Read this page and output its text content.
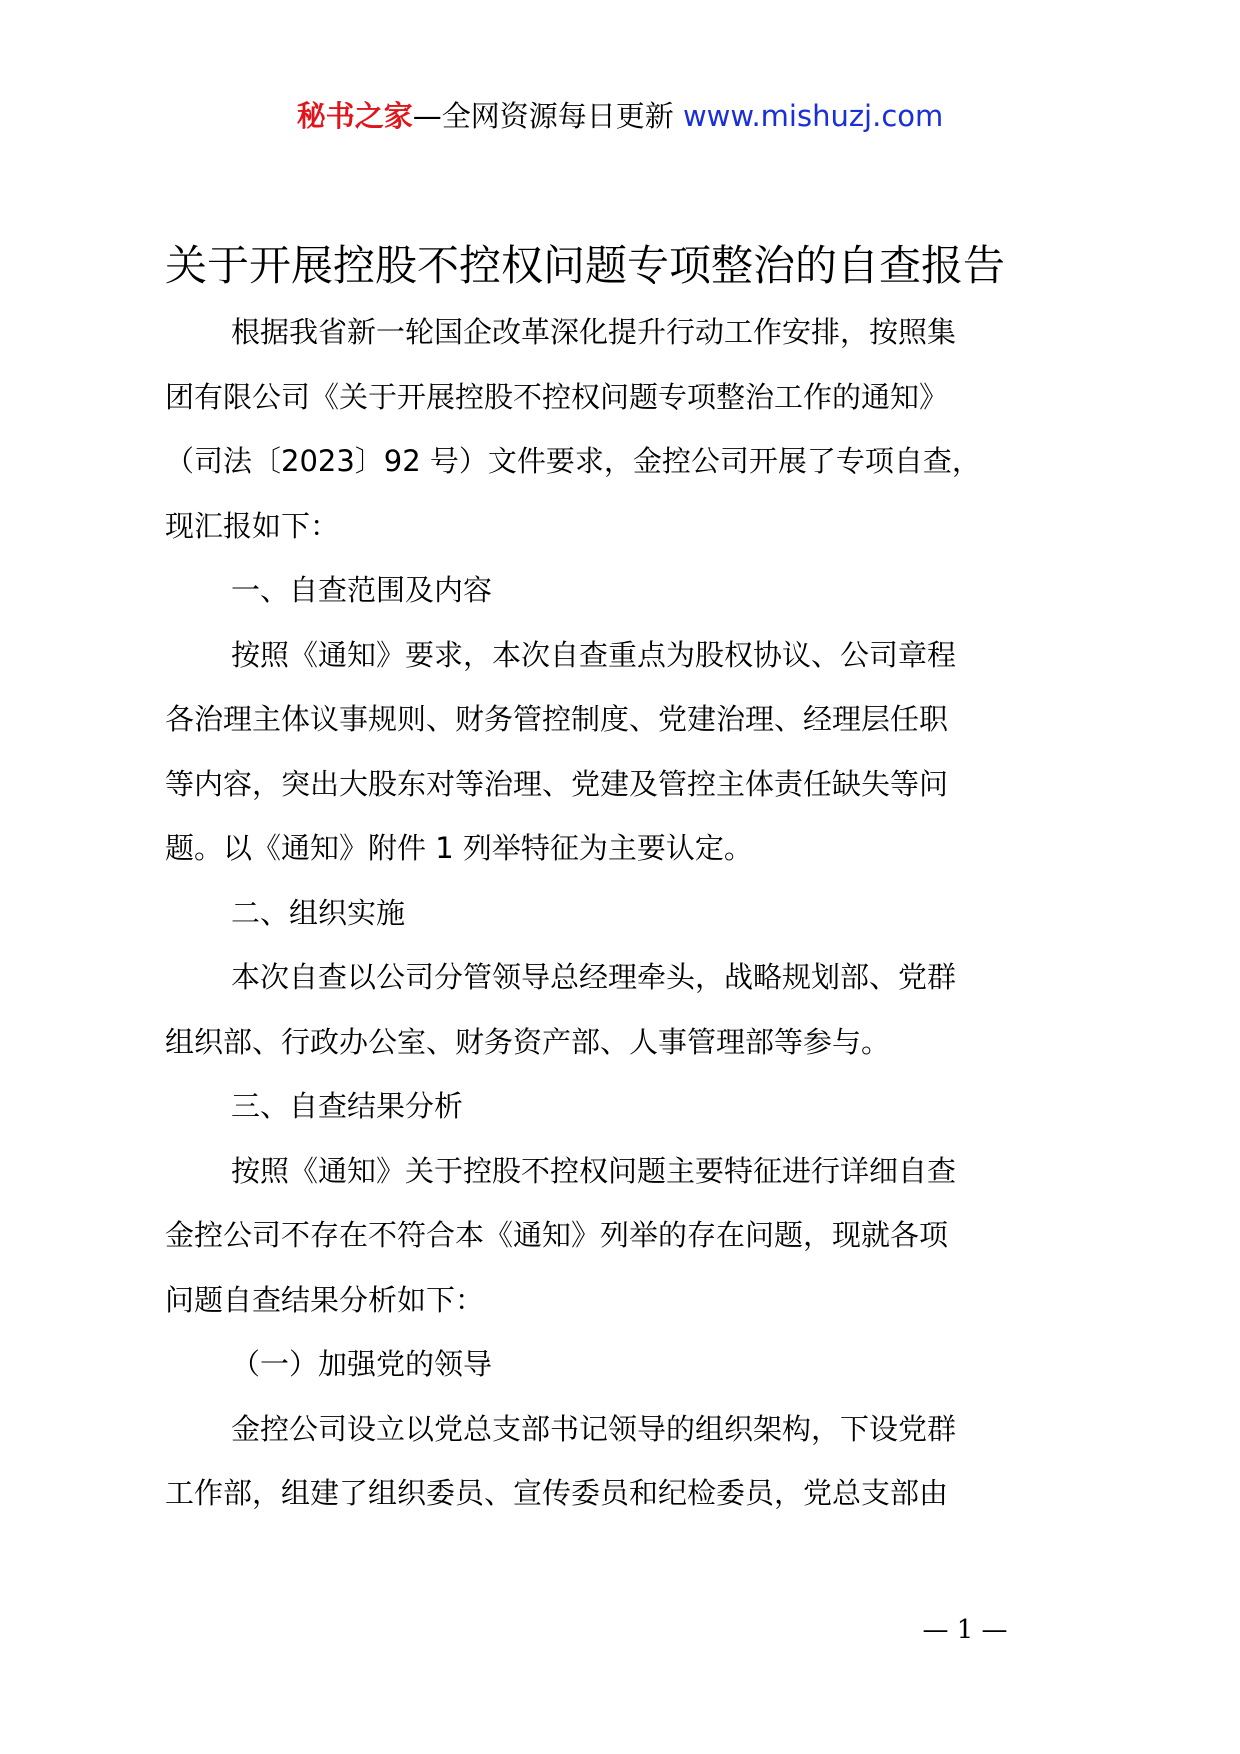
秘书之家—全网资源每日更新 www.mishuzj.com
关于开展控股不控权问题专项整治的自查报告
根据我省新一轮国企改革深化提升行动工作安排，按照集
团有限公司《关于开展控股不控权问题专项整治工作的通知》
（司法〔2023〕92 号）文件要求，金控公司开展了专项自查，
现汇报如下：
一、自查范围及内容
按照《通知》要求，本次自查重点为股权协议、公司章程
各治理主体议事规则、财务管控制度、党建治理、经理层任职
等内容，突出大股东对等治理、党建及管控主体责任缺失等问
题。以《通知》附件 1 列举特征为主要认定。
二、组织实施
本次自查以公司分管领导总经理牵头，战略规划部、党群
组织部、行政办公室、财务资产部、人事管理部等参与。
三、自查结果分析
按照《通知》关于控股不控权问题主要特征进行详细自查
金控公司不存在不符合本《通知》列举的存在问题，现就各项
问题自查结果分析如下：
（一）加强党的领导
金控公司设立以党总支部书记领导的组织架构，下设党群
工作部，组建了组织委员、宣传委员和纪检委员，党总支部由
— 1 —
